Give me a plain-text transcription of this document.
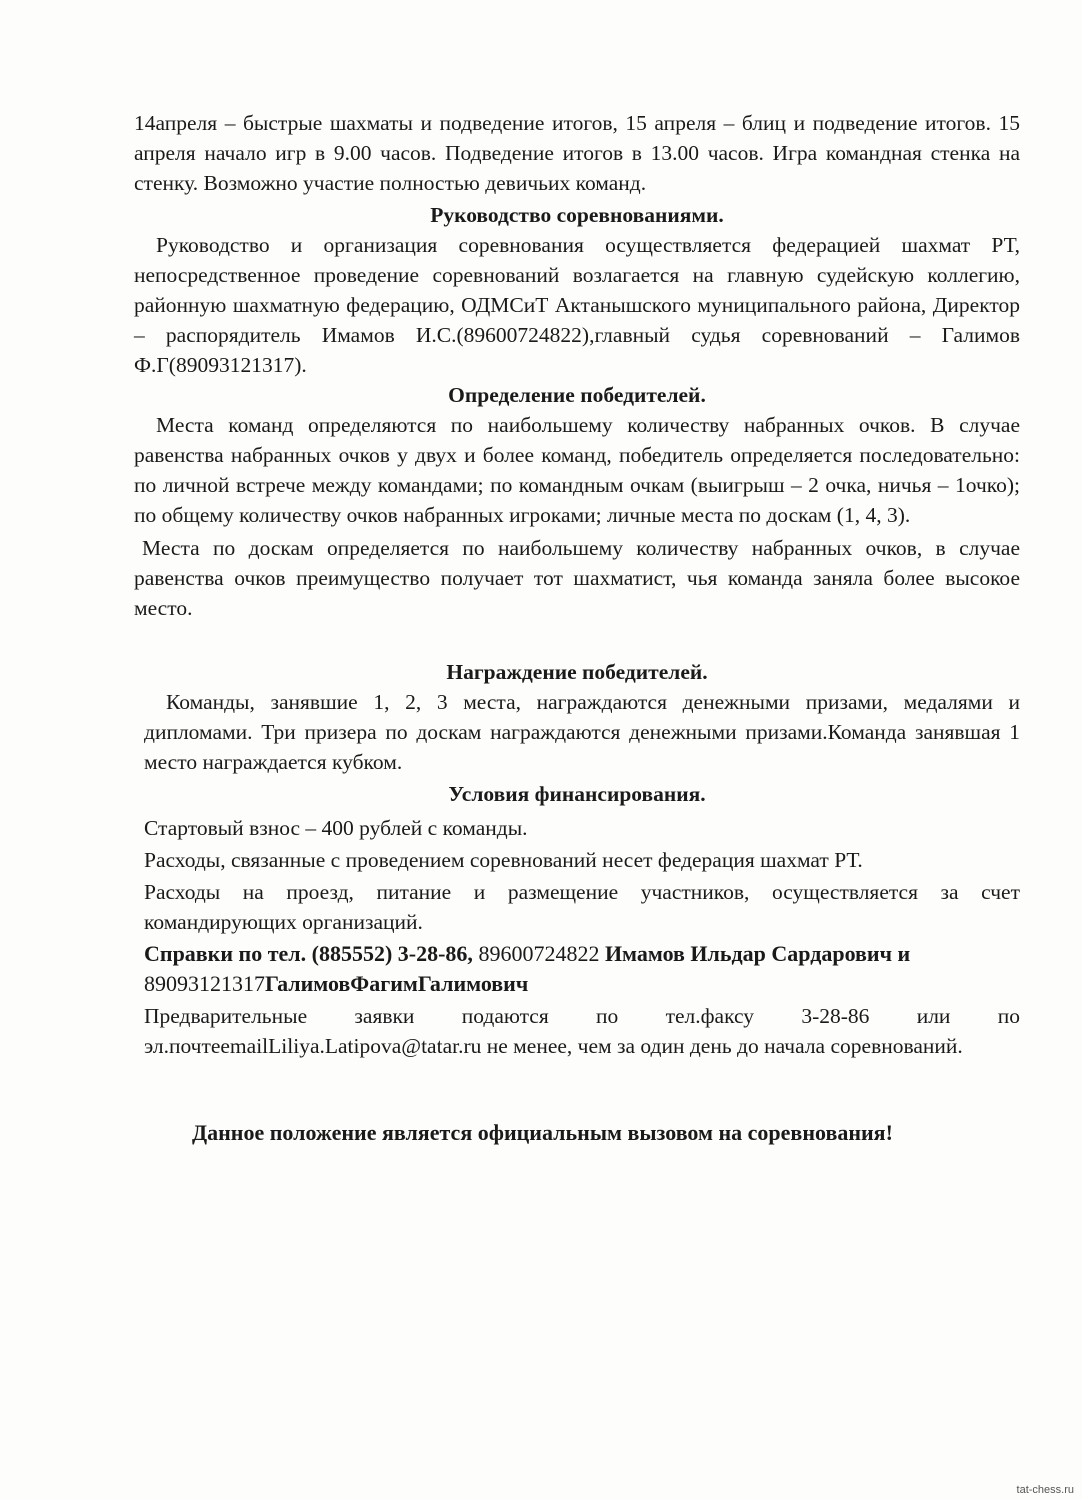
14апреля – быстрые шахматы и подведение итогов, 15 апреля – блиц и подведение итогов. 15 апреля начало игр в 9.00 часов. Подведение итогов в 13.00 часов. Игра командная стенка на стенку. Возможно участие полностью девичьих команд.

Руководство соревнованиями.

Руководство и организация соревнования осуществляется федерацией шахмат РТ, непосредственное проведение соревнований возлагается на главную судейскую коллегию, районную шахматную федерацию, ОДМСиТ Актанышского муниципального района, Директор – распорядитель Имамов И.С.(89600724822),главный судья соревнований – Галимов Ф.Г(89093121317).

Определение победителей.

Места команд определяются по наибольшему количеству набранных очков. В случае равенства набранных очков у двух и более команд, победитель определяется последовательно: по личной встрече между командами; по командным очкам (выигрыш – 2 очка, ничья – 1очко); по общему количеству очков набранных игроками; личные места по доскам (1, 4, 3).

Места по доскам определяется по наибольшему количеству набранных очков, в случае равенства очков преимущество получает тот шахматист, чья команда заняла более высокое место.

Награждение победителей.

Команды, занявшие 1, 2, 3 места, награждаются денежными призами, медалями и дипломами. Три призера по доскам награждаются денежными призами.Команда занявшая 1 место награждается кубком.

Условия финансирования.

Стартовый взнос – 400 рублей с команды.

Расходы, связанные с проведением соревнований несет федерация шахмат РТ.

Расходы на проезд, питание и размещение участников, осуществляется за счет командирующих организаций.

Справки по тел. (885552) 3-28-86, 89600724822 Имамов Ильдар Сардарович и
89093121317ГалимовФагимГалимович

Предварительные заявки подаются по тел.факсу 3-28-86 или по эл.почтееmailLiliya.Latipova@tatar.ru не менее, чем за один день до начала соревнований.

Данное положение является официальным вызовом на соревнования!

tat-chess.ru
